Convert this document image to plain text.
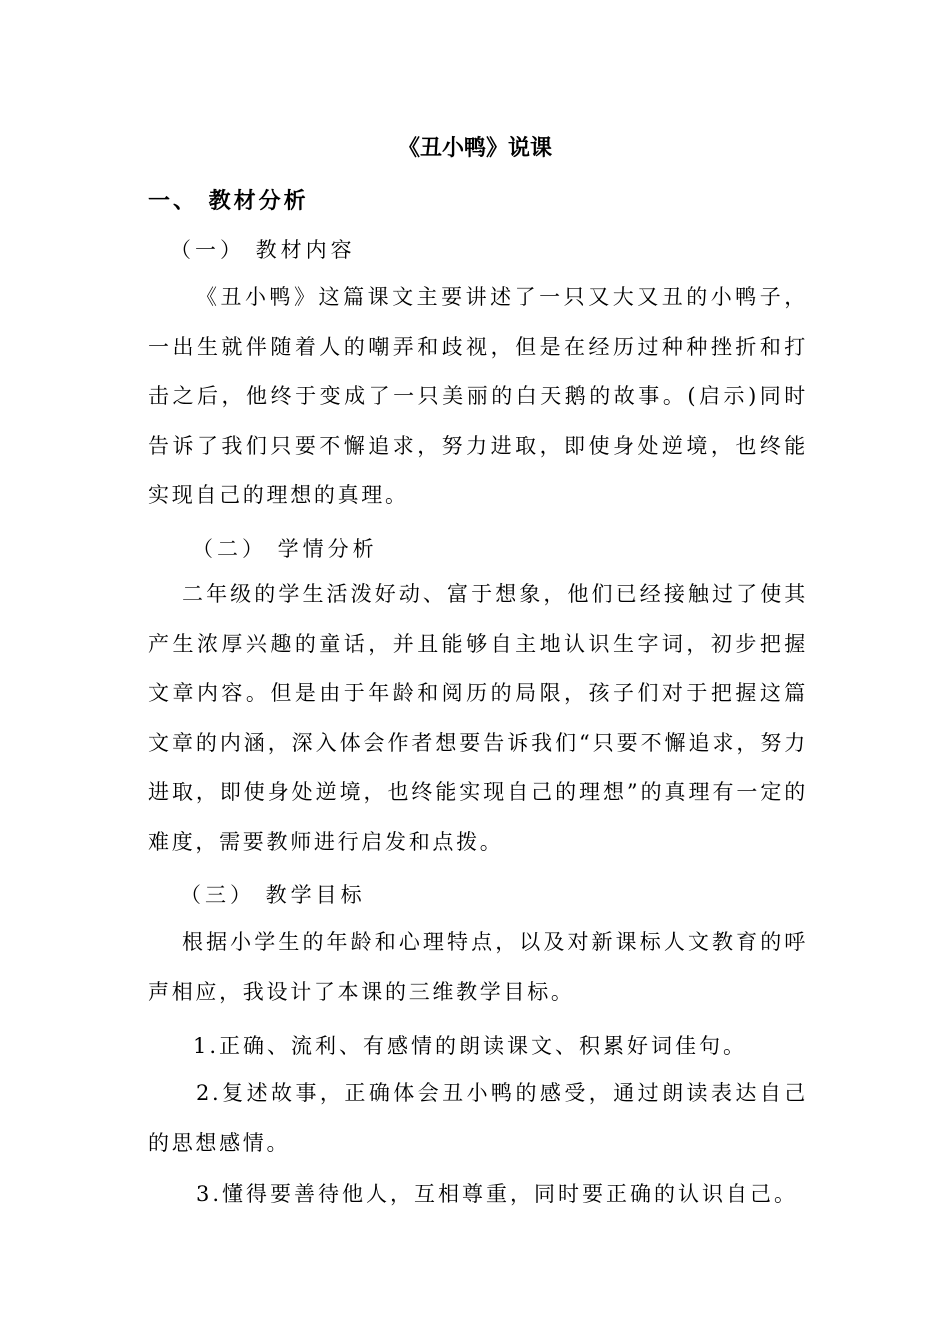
《丑小鸭》说课
一、 教材分析
（一） 教材内容
《丑小鸭》这篇课文主要讲述了一只又大又丑的小鸭子，一出生就伴随着人的嘲弄和歧视，但是在经历过种种挫折和打击之后，他终于变成了一只美丽的白天鹅的故事。(启示)同时告诉了我们只要不懈追求，努力进取，即使身处逆境，也终能实现自己的理想的真理。
（二） 学情分析
二年级的学生活泼好动、富于想象，他们已经接触过了使其产生浓厚兴趣的童话，并且能够自主地认识生字词，初步把握文章内容。但是由于年龄和阅历的局限，孩子们对于把握这篇文章的内涵，深入体会作者想要告诉我们“只要不懈追求，努力进取，即使身处逆境，也终能实现自己的理想”的真理有一定的难度，需要教师进行启发和点拨。
（三） 教学目标
根据小学生的年龄和心理特点，以及对新课标人文教育的呼声相应，我设计了本课的三维教学目标。
1.正确、流利、有感情的朗读课文、积累好词佳句。
2.复述故事，正确体会丑小鸭的感受，通过朗读表达自己的思想感情。
3.懂得要善待他人，互相尊重，同时要正确的认识自己。
